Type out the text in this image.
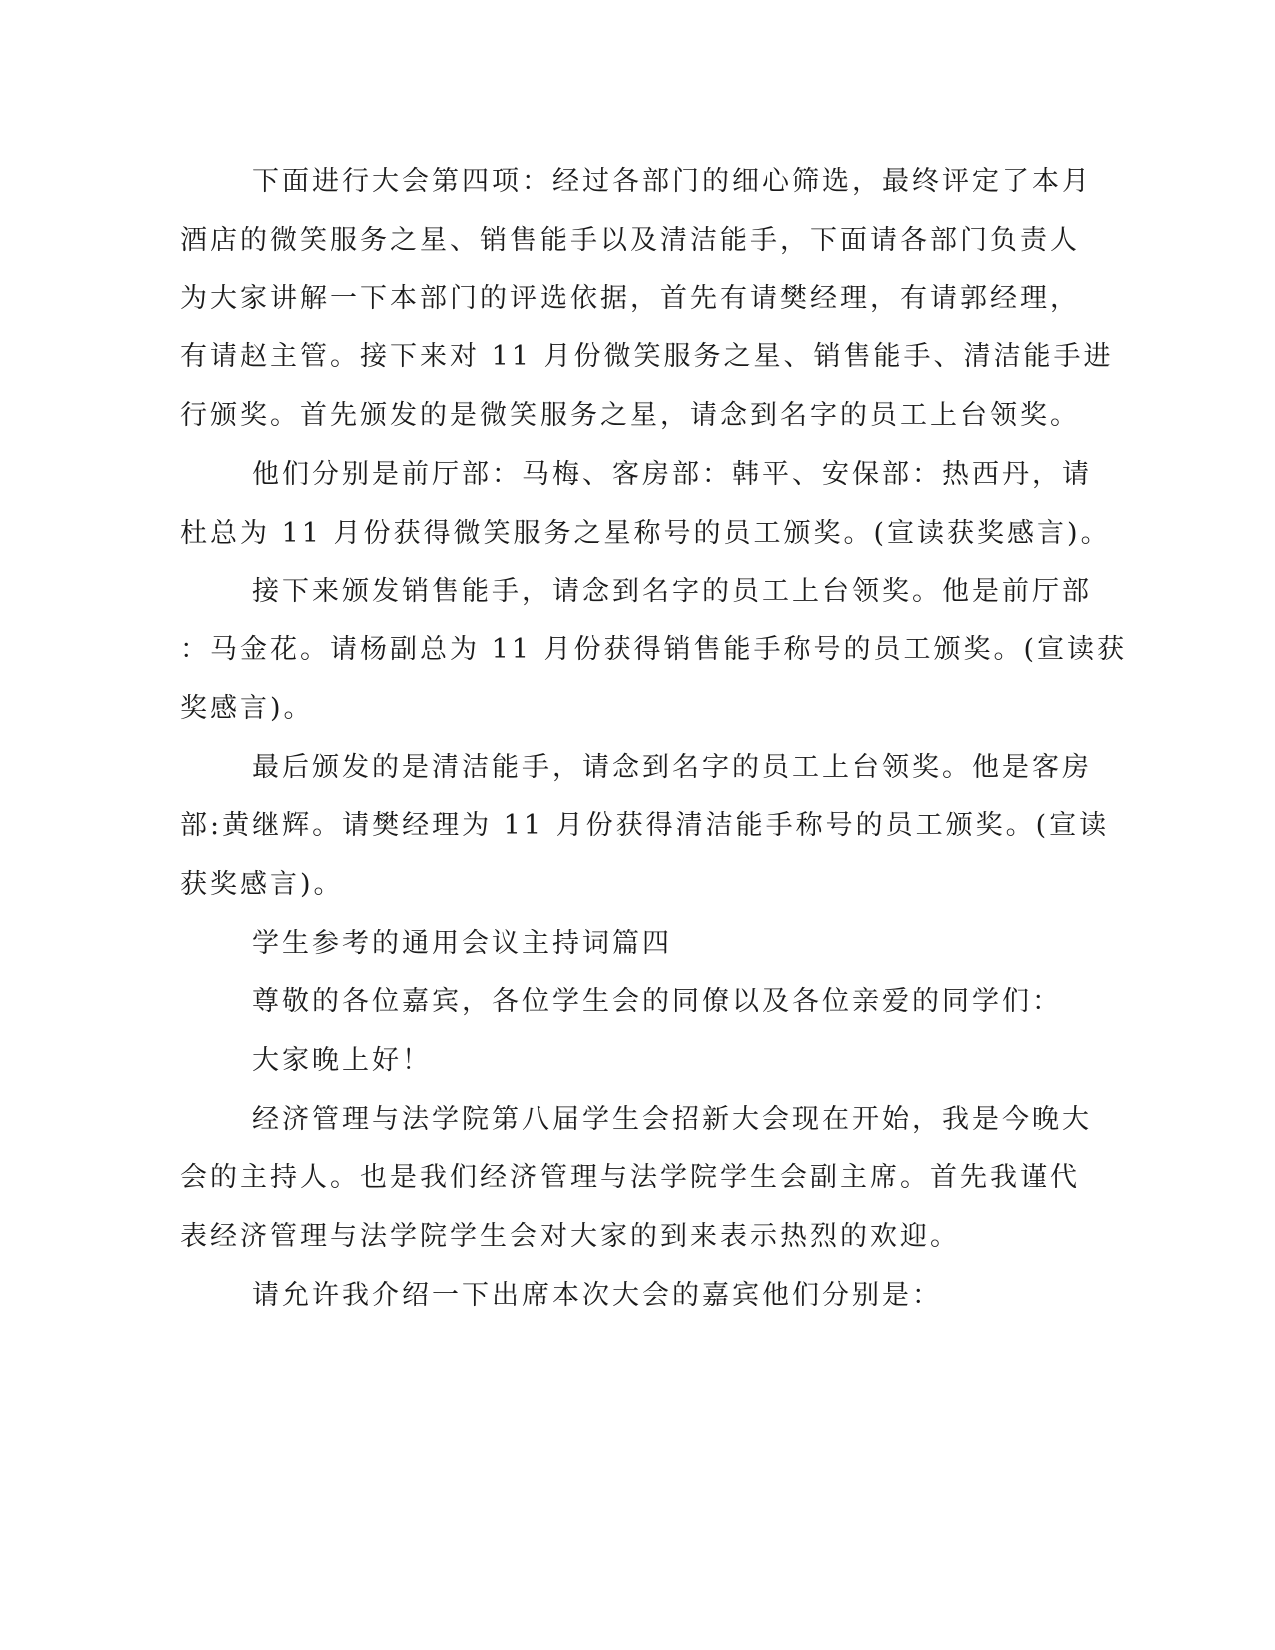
下面进行大会第四项：经过各部门的细心筛选，最终评定了本月
酒店的微笑服务之星、销售能手以及清洁能手，下面请各部门负责人
为大家讲解一下本部门的评选依据，首先有请樊经理，有请郭经理，
有请赵主管。接下来对 11 月份微笑服务之星、销售能手、清洁能手进
行颁奖。首先颁发的是微笑服务之星，请念到名字的员工上台领奖。
他们分别是前厅部：马梅、客房部：韩平、安保部：热西丹，请
杜总为 11 月份获得微笑服务之星称号的员工颁奖。(宣读获奖感言)。
接下来颁发销售能手，请念到名字的员工上台领奖。他是前厅部
：马金花。请杨副总为 11 月份获得销售能手称号的员工颁奖。(宣读获
奖感言)。
最后颁发的是清洁能手，请念到名字的员工上台领奖。他是客房
部:黄继辉。请樊经理为 11 月份获得清洁能手称号的员工颁奖。(宣读
获奖感言)。
学生参考的通用会议主持词篇四
尊敬的各位嘉宾，各位学生会的同僚以及各位亲爱的同学们：
大家晚上好！
经济管理与法学院第八届学生会招新大会现在开始，我是今晚大
会的主持人。也是我们经济管理与法学院学生会副主席。首先我谨代
表经济管理与法学院学生会对大家的到来表示热烈的欢迎。
请允许我介绍一下出席本次大会的嘉宾他们分别是：
